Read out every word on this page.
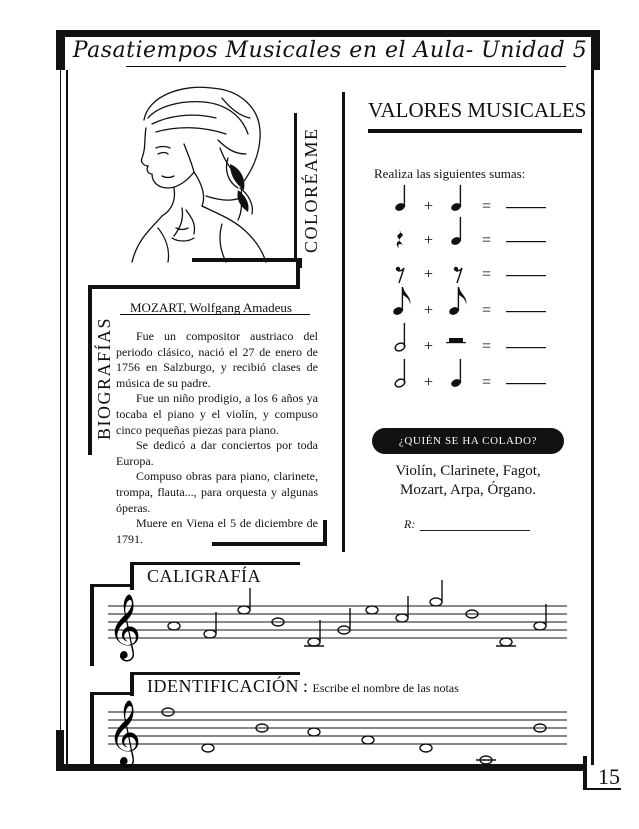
Pasatiempos Musicales en el Aula- Unidad 5
COLORÉAME
BIOGRAFÍAS
MOZART, Wolfgang Amadeus

Fue un compositor austriaco del periodo clásico, nació el 27 de enero de 1756 en Salzburgo, y recibió clases de música de su padre.

Fue un niño prodigio, a los 6 años ya tocaba el piano y el violín, y compuso cinco pequeñas piezas para piano.

Se dedicó a dar conciertos por toda Europa.

Compuso obras para piano, clarinete, trompa, flauta..., para orquesta y algunas óperas.

Muere en Viena el 5 de diciembre de 1791.

VALORES MUSICALES
Realiza las siguientes sumas:
+	=
+	=
+	=
+	=
+	=
+	=
¿QUIÉN SE HA COLADO?
Violín, Clarinete, Fagot,
Mozart, Arpa, Órgano.
R:
CALIGRAFÍA
𝄞
IDENTIFICACIÓN : Escribe el nombre de las notas
𝄞
15
